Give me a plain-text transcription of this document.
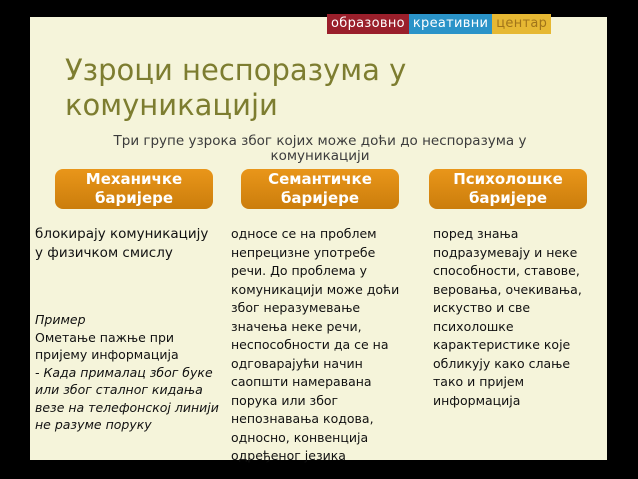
образовно креативни центар
Узроци неспоразума у комуникацији
Три групе узрока због којих може доћи до неспоразума у комуникацији
Механичке баријере
Семантичке баријере
Психолошке баријере

блокирају комуникацију у физичком смислу

Пример

Ометање пажње при пријему информација

- Када прималац због буке или због сталног кидања везе на телефонској линији не разуме поруку

односе се на проблем непрецизне употребе речи. До проблема у комуникацији може доћи због неразумевање значења неке речи, неспособности да се на одговарајући начин саопшти намеравана порука или због непознавања кодова, односно, конвенција одређеног језика

поред знања подразумевају и неке способности, ставове, веровања, очекивања, искуство и све психолошке карактеристике које обликују како слање тако и пријем информација
